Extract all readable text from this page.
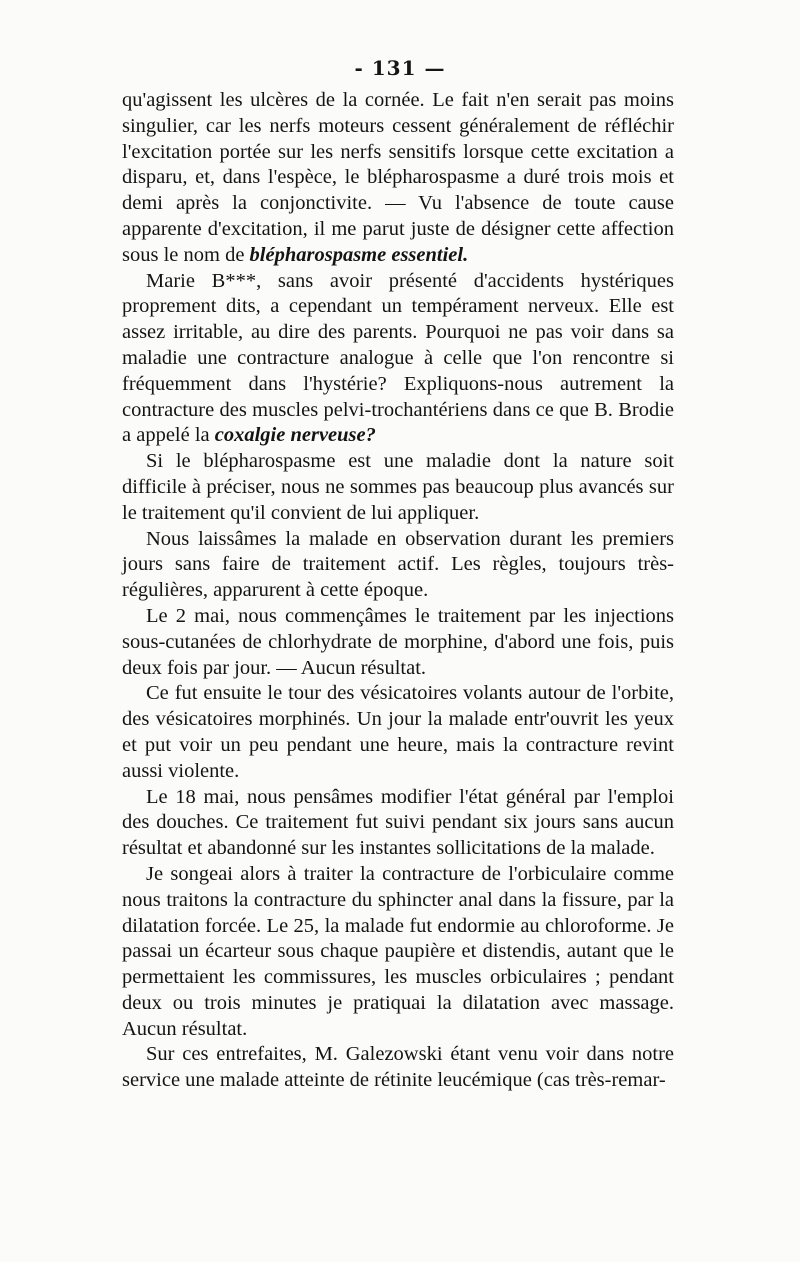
- 131 —

qu'agissent les ulcères de la cornée. Le fait n'en serait pas moins singulier, car les nerfs moteurs cessent généralement de réfléchir l'excitation portée sur les nerfs sensitifs lorsque cette excitation a disparu, et, dans l'espèce, le blépharospasme a duré trois mois et demi après la conjonctivite. — Vu l'absence de toute cause apparente d'excitation, il me parut juste de désigner cette affection sous le nom de blépharospasme essentiel.

Marie B***, sans avoir présenté d'accidents hystériques proprement dits, a cependant un tempérament nerveux. Elle est assez irritable, au dire des parents. Pourquoi ne pas voir dans sa maladie une contracture analogue à celle que l'on rencontre si fréquemment dans l'hystérie? Expliquons-nous autrement la contracture des muscles pelvi-trochantériens dans ce que B. Brodie a appelé la coxalgie nerveuse?

Si le blépharospasme est une maladie dont la nature soit difficile à préciser, nous ne sommes pas beaucoup plus avancés sur le traitement qu'il convient de lui appliquer.

Nous laissâmes la malade en observation durant les premiers jours sans faire de traitement actif. Les règles, toujours très-régulières, apparurent à cette époque.

Le 2 mai, nous commençâmes le traitement par les injections sous-cutanées de chlorhydrate de morphine, d'abord une fois, puis deux fois par jour. — Aucun résultat.

Ce fut ensuite le tour des vésicatoires volants autour de l'orbite, des vésicatoires morphinés. Un jour la malade entr'ouvrit les yeux et put voir un peu pendant une heure, mais la contracture revint aussi violente.

Le 18 mai, nous pensâmes modifier l'état général par l'emploi des douches. Ce traitement fut suivi pendant six jours sans aucun résultat et abandonné sur les instantes sollicitations de la malade.

Je songeai alors à traiter la contracture de l'orbiculaire comme nous traitons la contracture du sphincter anal dans la fissure, par la dilatation forcée. Le 25, la malade fut endormie au chloroforme. Je passai un écarteur sous chaque paupière et distendis, autant que le permettaient les commissures, les muscles orbiculaires ; pendant deux ou trois minutes je pratiquai la dilatation avec massage. Aucun résultat.

Sur ces entrefaites, M. Galezowski étant venu voir dans notre service une malade atteinte de rétinite leucémique (cas très-remar-
